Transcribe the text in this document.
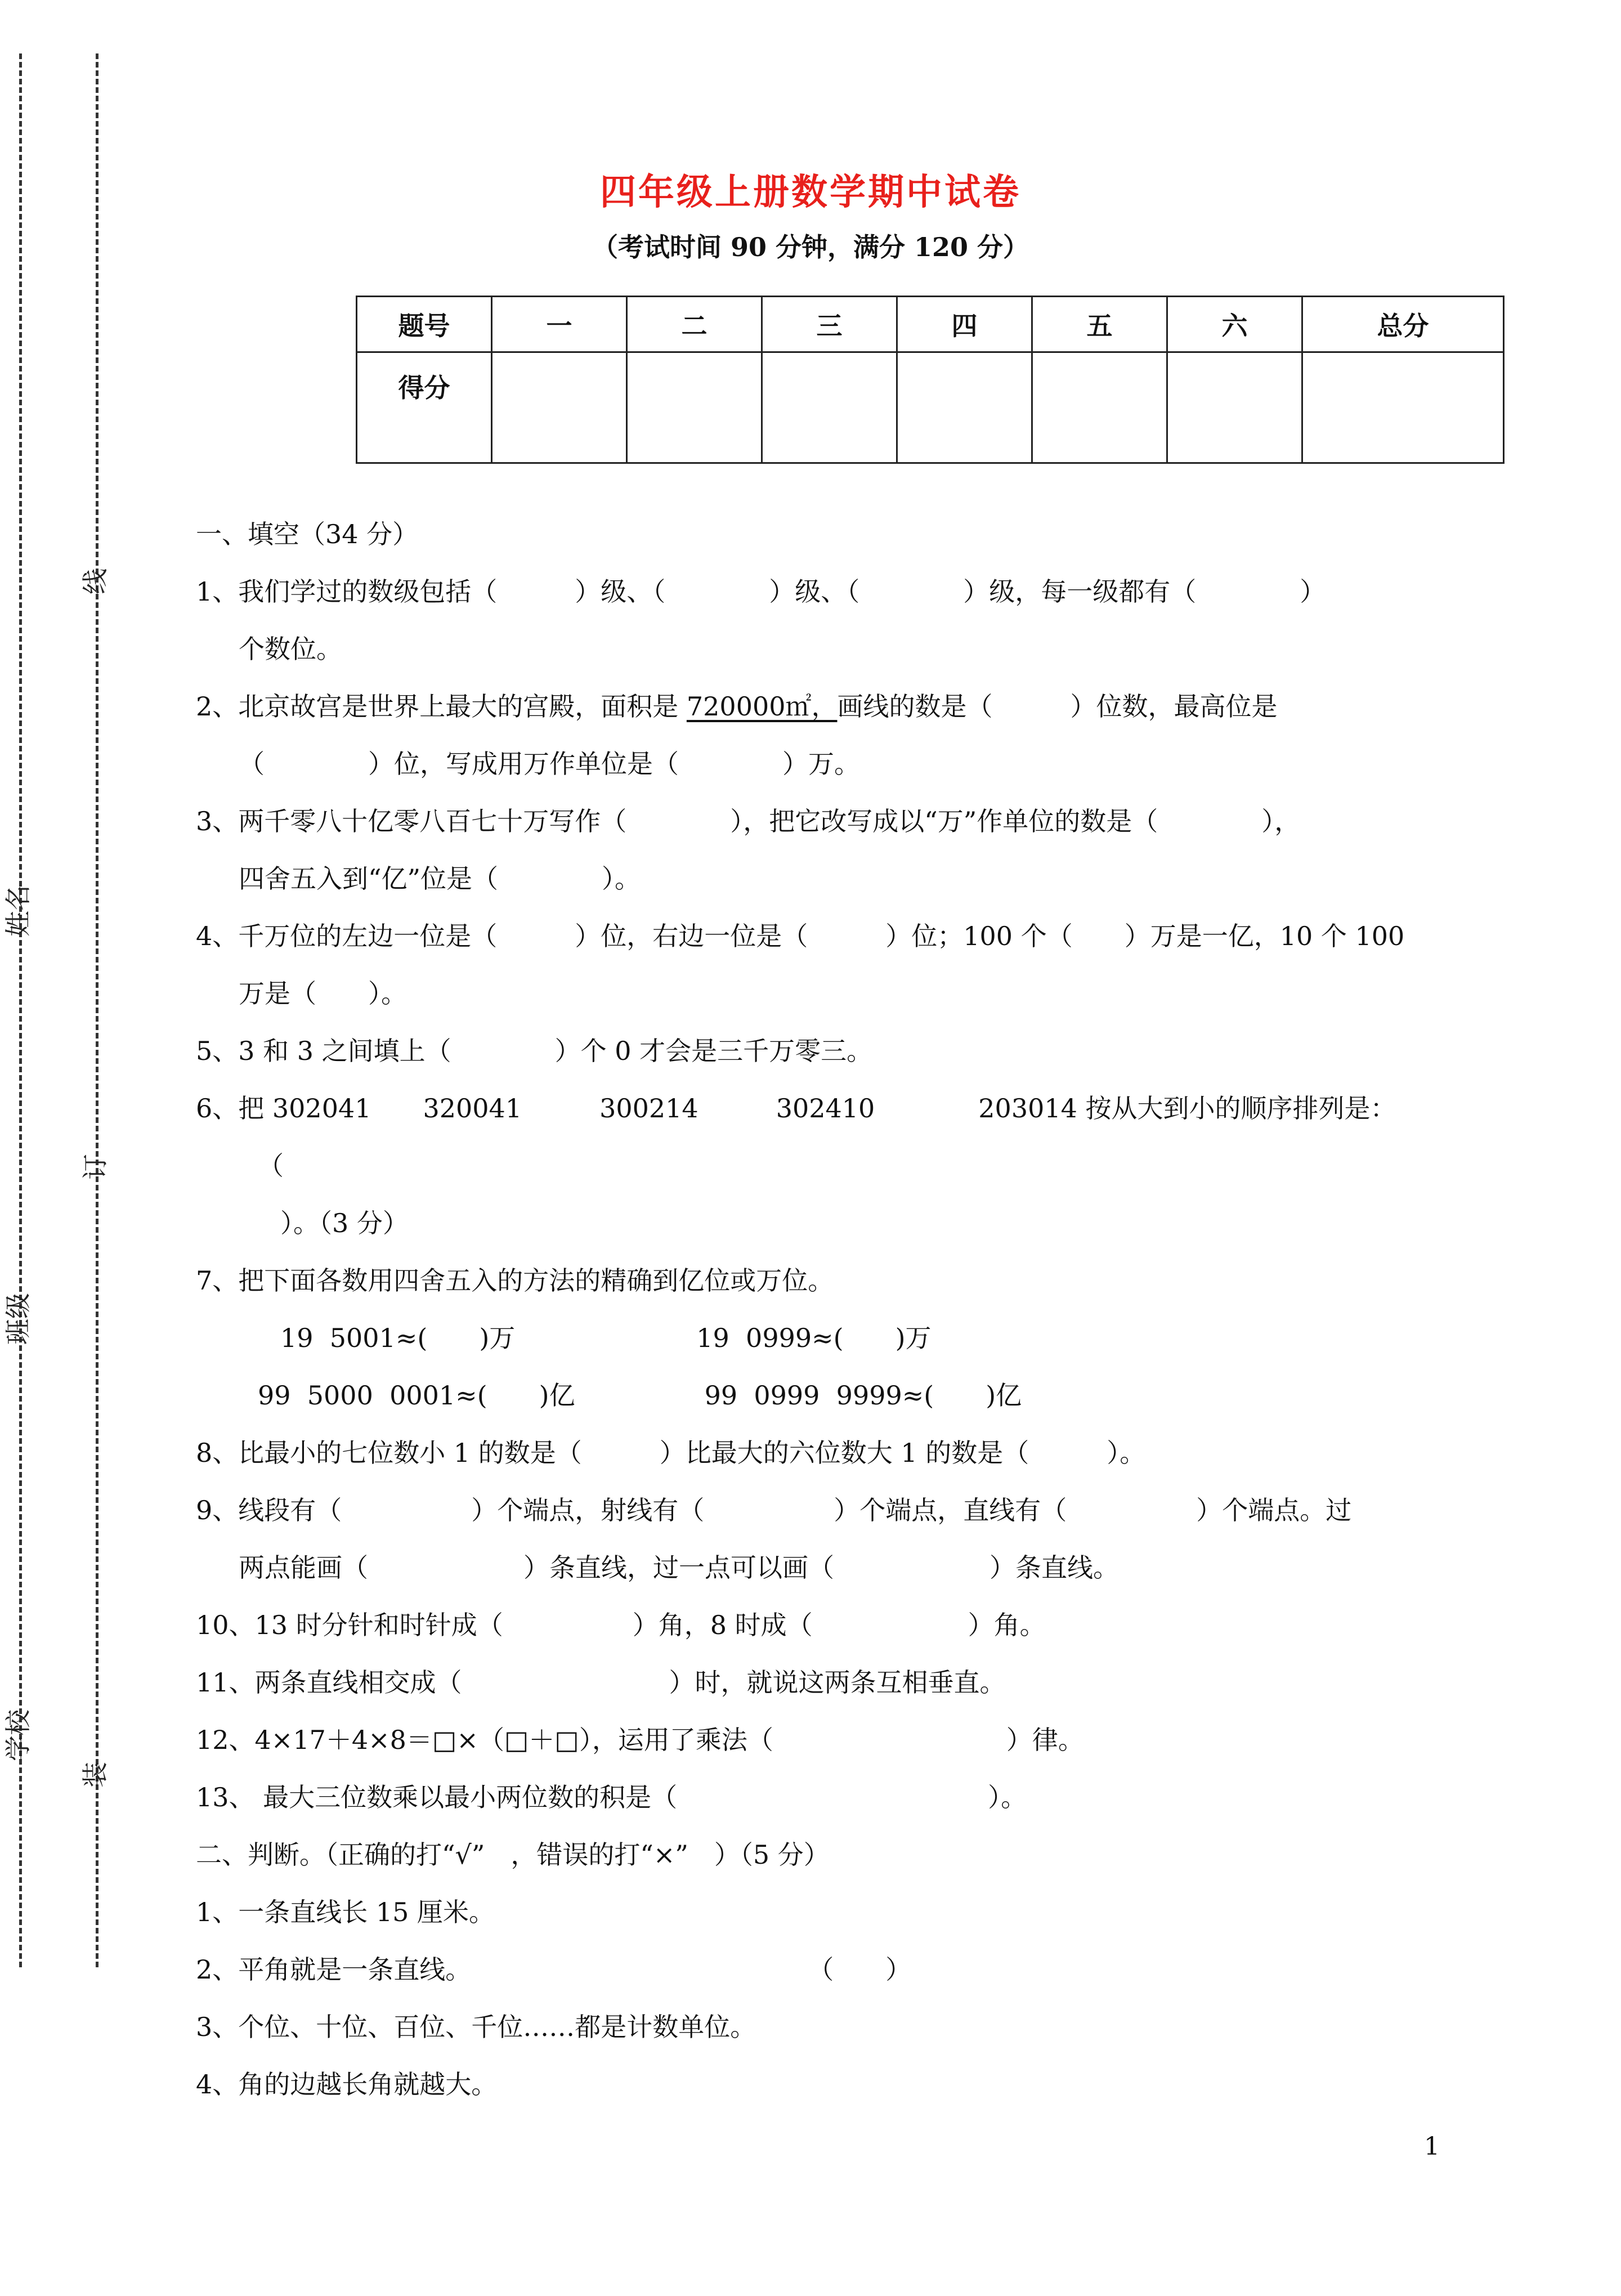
线
姓名
订
班级
学校
装
四年级上册数学期中试卷
（考试时间 90 分钟，满分 120 分）
题号	一	二	三	四	五	六	总分
得分							
一、填空（34 分）
1、我们学过的数级包括（　　　）级、（　　　　）级、（　　　　）级，每一级都有（　　　　）
个数位。
2、北京故宫是世界上最大的宫殿，面积是 720000㎡，画线的数是（　　　）位数，最高位是
（　　　　）位，写成用万作单位是（　　　　）万。
3、两千零八十亿零八百七十万写作（　　　　），把它改写成以“万”作单位的数是（　　　　），
四舍五入到“亿”位是（　　　　）。
4、千万位的左边一位是（　　　）位，右边一位是（　　　）位；100 个（　　）万是一亿，10 个 100
万是（　　）。
5、3 和 3 之间填上（　　　　）个 0 才会是三千万零三。
6、把 302041　　320041　　　300214　　　302410　　　　203014 按从大到小的顺序排列是：
（
）。（3 分）
7、把下面各数用四舍五入的方法的精确到亿位或万位。
19  5001≈(　　)万　　　　　　　19  0999≈(　　)万
99  5000  0001≈(　　)亿　　　　　99  0999  9999≈(　　)亿
8、比最小的七位数小 1 的数是（　　　）比最大的六位数大 1 的数是（　　　）。
9、线段有（　　　　　）个端点，射线有（　　　　　）个端点，直线有（　　　　　）个端点。过
两点能画（　　　　　　）条直线，过一点可以画（　　　　　　）条直线。
10、13 时分针和时针成（　　　　　）角，8 时成（　　　　　　）角。
11、两条直线相交成（　　　　　　　　）时，就说这两条互相垂直。
12、4×17＋4×8＝□×（□＋□），运用了乘法（　　　　　　　　　）律。
13、 最大三位数乘以最小两位数的积是（　　　　　　　　　　　　）。
二、判断。（正确的打“√”　，错误的打“×”　）（5 分）
1、一条直线长 15 厘米。
2、平角就是一条直线。　　　　　　　　　　　　　　（　　）
3、个位、十位、百位、千位……都是计数单位。
4、角的边越长角就越大。
1
